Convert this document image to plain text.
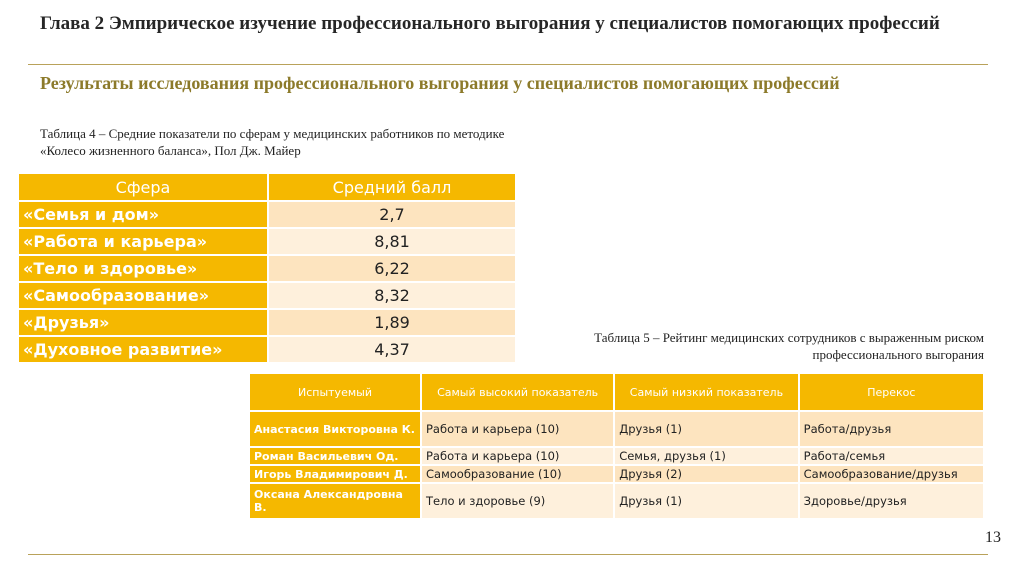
Глава 2 Эмпирическое изучение профессионального выгорания у специалистов помогающих профессий
Результаты исследования профессионального выгорания у специалистов помогающих профессий
Таблица 4 – Средние показатели по сферам у медицинских работников по методике «Колесо жизненного баланса», Пол Дж. Майер
Сфера	Средний балл
«Семья и дом»	2,7
«Работа и карьера»	8,81
«Тело и здоровье»	6,22
«Самообразование»	8,32
«Друзья»	1,89
«Духовное развитие»	4,37
Таблица 5 – Рейтинг медицинских сотрудников с выраженным риском профессионального выгорания
Испытуемый	Самый высокий показатель	Самый низкий показатель	Перекос
Анастасия Викторовна К.	Работа и карьера (10)	Друзья (1)	Работа/друзья
Роман Васильевич Од.	Работа и карьера (10)	Семья, друзья (1)	Работа/семья
Игорь Владимирович Д.	Самообразование (10)	Друзья (2)	Самообразование/друзья
Оксана Александровна В.	Тело и здоровье (9)	Друзья (1)	Здоровье/друзья
13
